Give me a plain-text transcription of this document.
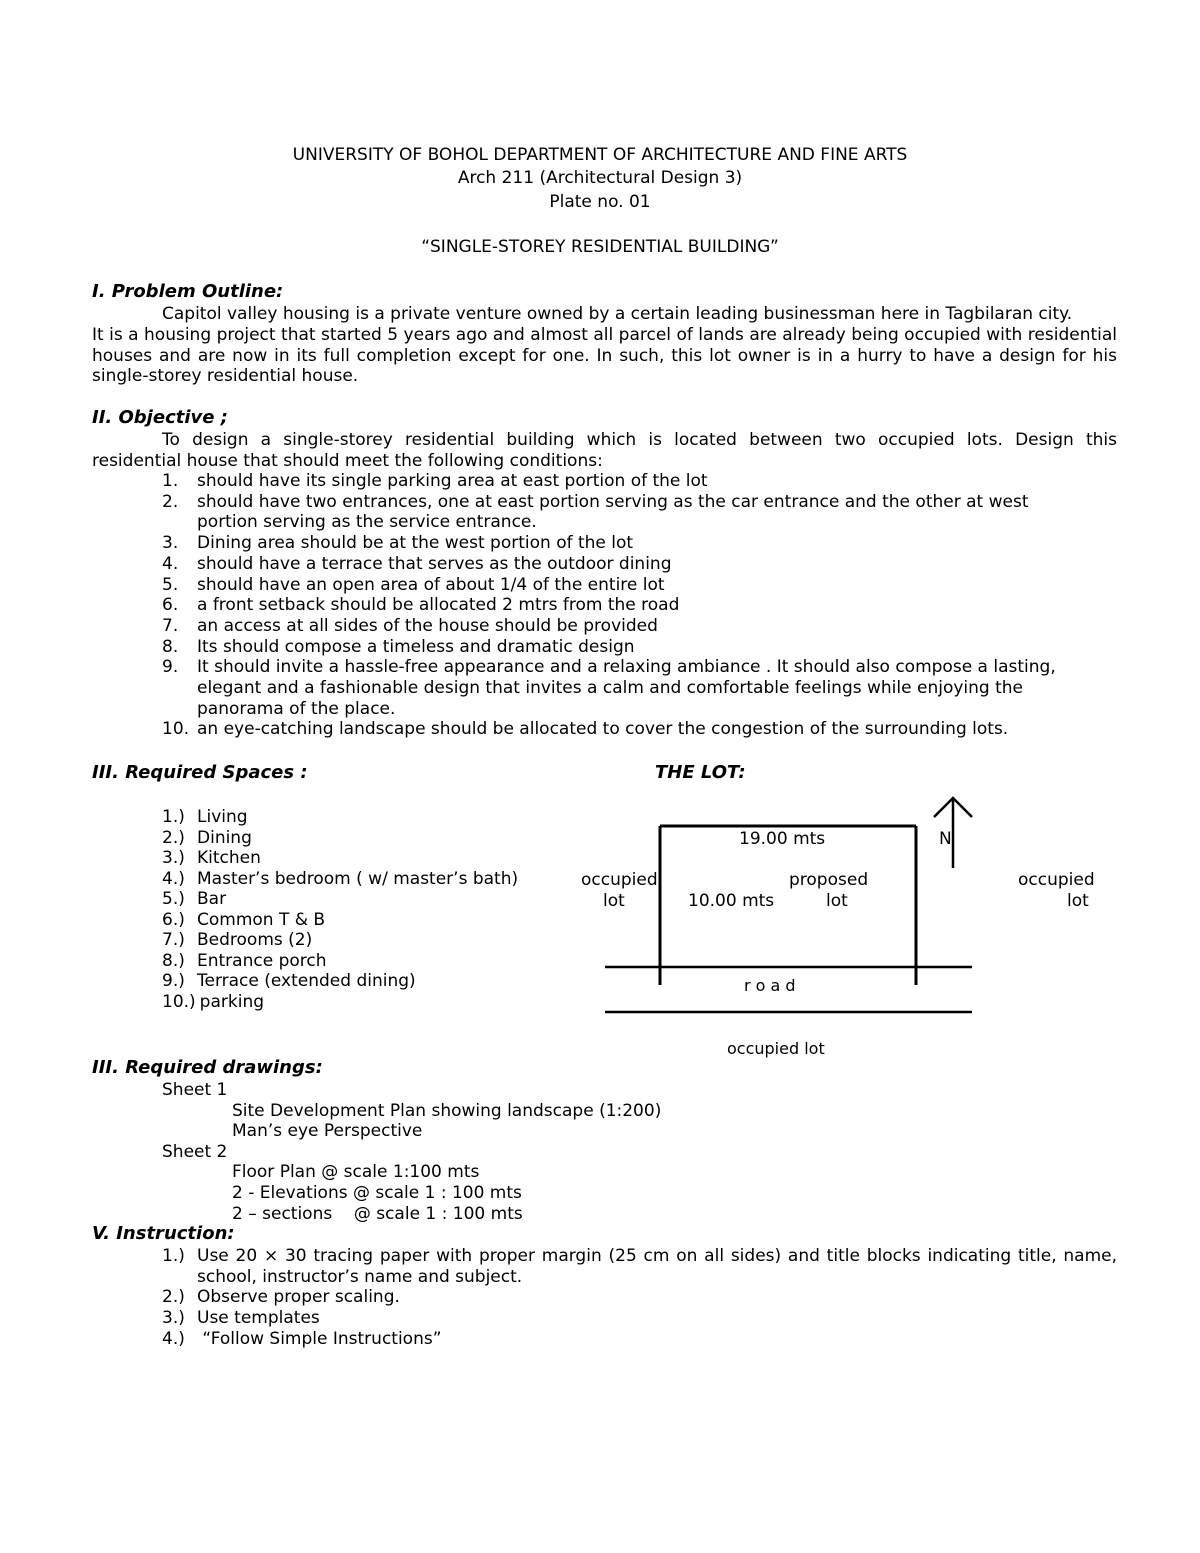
UNIVERSITY OF BOHOL DEPARTMENT OF ARCHITECTURE AND FINE ARTS
Arch 211 (Architectural Design 3)
Plate no. 01
“SINGLE-STOREY RESIDENTIAL BUILDING”
I. Problem Outline:
Capitol valley housing is a private venture owned by a certain leading businessman here in Tagbilaran city.
It is a housing project that started 5 years ago and almost all parcel of lands are already being occupied with residential houses and are now in its full completion except for one. In such, this lot owner is in a hurry to have a design for his single-storey residential house.
II. Objective ;
To design a single-storey residential building which is located between two occupied lots. Design this
residential house that should meet the following conditions:
1.	should have its single parking area at east portion of the lot
2.	should have two entrances, one at east portion serving as the car entrance and the other at west portion serving as the service entrance.
3.	Dining area should be at the west portion of the lot
4.	should have a terrace that serves as the outdoor dining
5.	should have an open area of about 1/4 of the entire lot
6.	a front setback should be allocated 2 mtrs from the road
7.	an access at all sides of the house should be provided
8.	Its should compose a timeless and dramatic design
9.	It should invite a hassle-free appearance and a relaxing ambiance . It should also compose a lasting, elegant and a fashionable design that invites a calm and comfortable feelings while enjoying the panorama of the place.
10. an eye-catching landscape should be allocated to cover the congestion of the surrounding lots.
III. Required Spaces :
1.) Living
2.) Dining
3.) Kitchen
4.) Master’s bedroom ( w/ master’s bath)
5.) Bar
6.) Common T & B
7.) Bedrooms (2)
8.) Entrance porch
9.) Terrace (extended dining)
10.) parking
THE LOT:
19.00 mts	N
occupied
lot
proposed
lot
10.00 mts
occupied
lot
r o a d
occupied lot
III. Required drawings:
Sheet 1
Site Development Plan showing landscape (1:200)
Man’s eye Perspective
Sheet 2
Floor Plan @ scale 1:100 mts
2 - Elevations @ scale 1 : 100 mts
2 – sections    @ scale 1 : 100 mts
V. Instruction:
1.) Use 20 × 30 tracing paper with proper margin (25 cm on all sides) and title blocks indicating title, name, school, instructor’s name and subject.
2.) Observe proper scaling.
3.) Use templates
4.) “Follow Simple Instructions”
